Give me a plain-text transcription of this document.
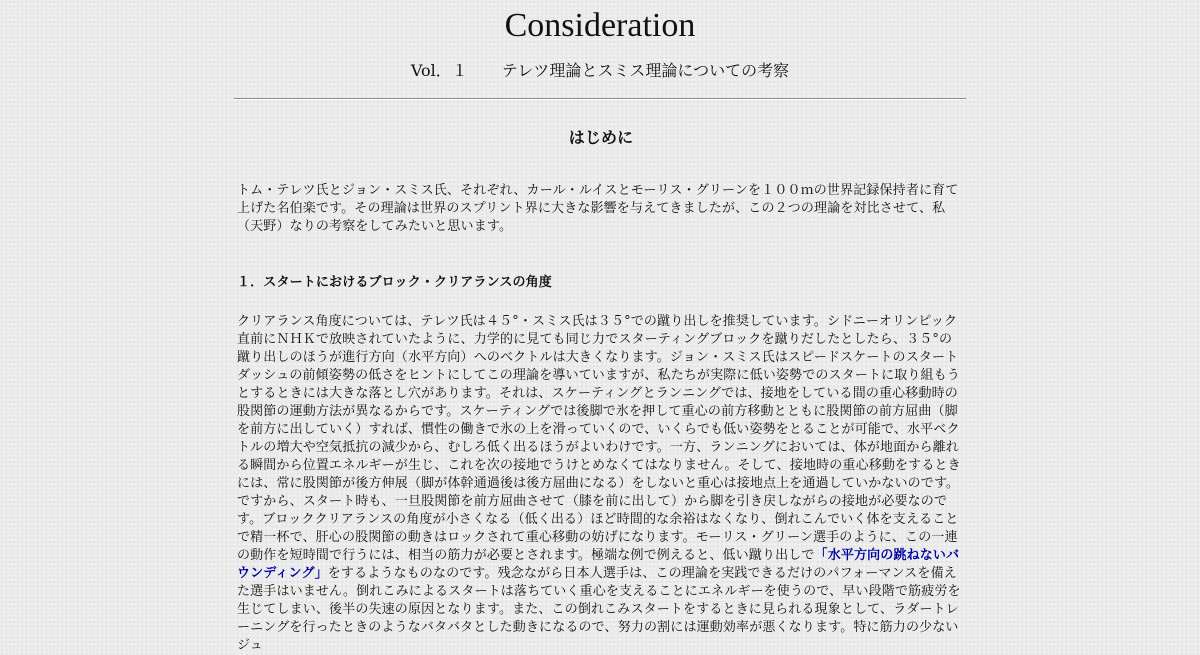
Consideration
Vol．１ テレツ理論とスミス理論についての考察
はじめに

トム・テレツ氏とジョン・スミス氏、それぞれ、カール・ルイスとモーリス・グリーンを１００ｍの世界記録保持者に育て上げた名伯楽です。その理論は世界のスプリント界に大きな影響を与えてきましたが、この２つの理論を対比させて、私（天野）なりの考察をしてみたいと思います。

１．スタートにおけるブロック・クリアランスの角度

クリアランス角度については、テレツ氏は４５°・スミス氏は３５°での蹴り出しを推奨しています。シドニーオリンピック直前にＮＨＫで放映されていたように、力学的に見ても同じ力でスターティングブロックを蹴りだしたとしたら、３５°の蹴り出しのほうが進行方向（水平方向）へのベクトルは大きくなります。ジョン・スミス氏はスピードスケートのスタートダッシュの前傾姿勢の低さをヒントにしてこの理論を導いていますが、私たちが実際に低い姿勢でのスタートに取り組もうとするときには大きな落とし穴があります。それは、スケーティングとランニングでは、接地をしている間の重心移動時の股関節の運動方法が異なるからです。スケーティングでは後脚で氷を押して重心の前方移動とともに股関節の前方屈曲（脚を前方に出していく）すれば、慣性の働きで氷の上を滑っていくので、いくらでも低い姿勢をとることが可能で、水平ベクトルの増大や空気抵抗の減少から、むしろ低く出るほうがよいわけです。一方、ランニングにおいては、体が地面から離れる瞬間から位置エネルギーが生じ、これを次の接地でうけとめなくてはなりません。そして、接地時の重心移動をするときには、常に股関節が後方伸展（脚が体幹通過後は後方屈曲になる）をしないと重心は接地点上を通過していかないのです。ですから、スタート時も、一旦股関節を前方屈曲させて（膝を前に出して）から脚を引き戻しながらの接地が必要なのです。ブロッククリアランスの角度が小さくなる（低く出る）ほど時間的な余裕はなくなり、倒れこんでいく体を支えることで精一杯で、肝心の股関節の動きはロックされて重心移動の妨げになります。モーリス・グリーン選手のように、この一連の動作を短時間で行うには、相当の筋力が必要とされます。極端な例で例えると、低い蹴り出しで「水平方向の跳ねないバウンディング」をするようなものなのです。残念ながら日本人選手は、この理論を実践できるだけのパフォーマンスを備えた選手はいません。倒れこみによるスタートは落ちていく重心を支えることにエネルギーを使うので、早い段階で筋疲労を生じてしまい、後半の失速の原因となります。また、この倒れこみスタートをするときに見られる現象として、ラダートレーニングを行ったときのようなバタバタとした動きになるので、努力の割には運動効率が悪くなります。特に筋力の少ないジュ
